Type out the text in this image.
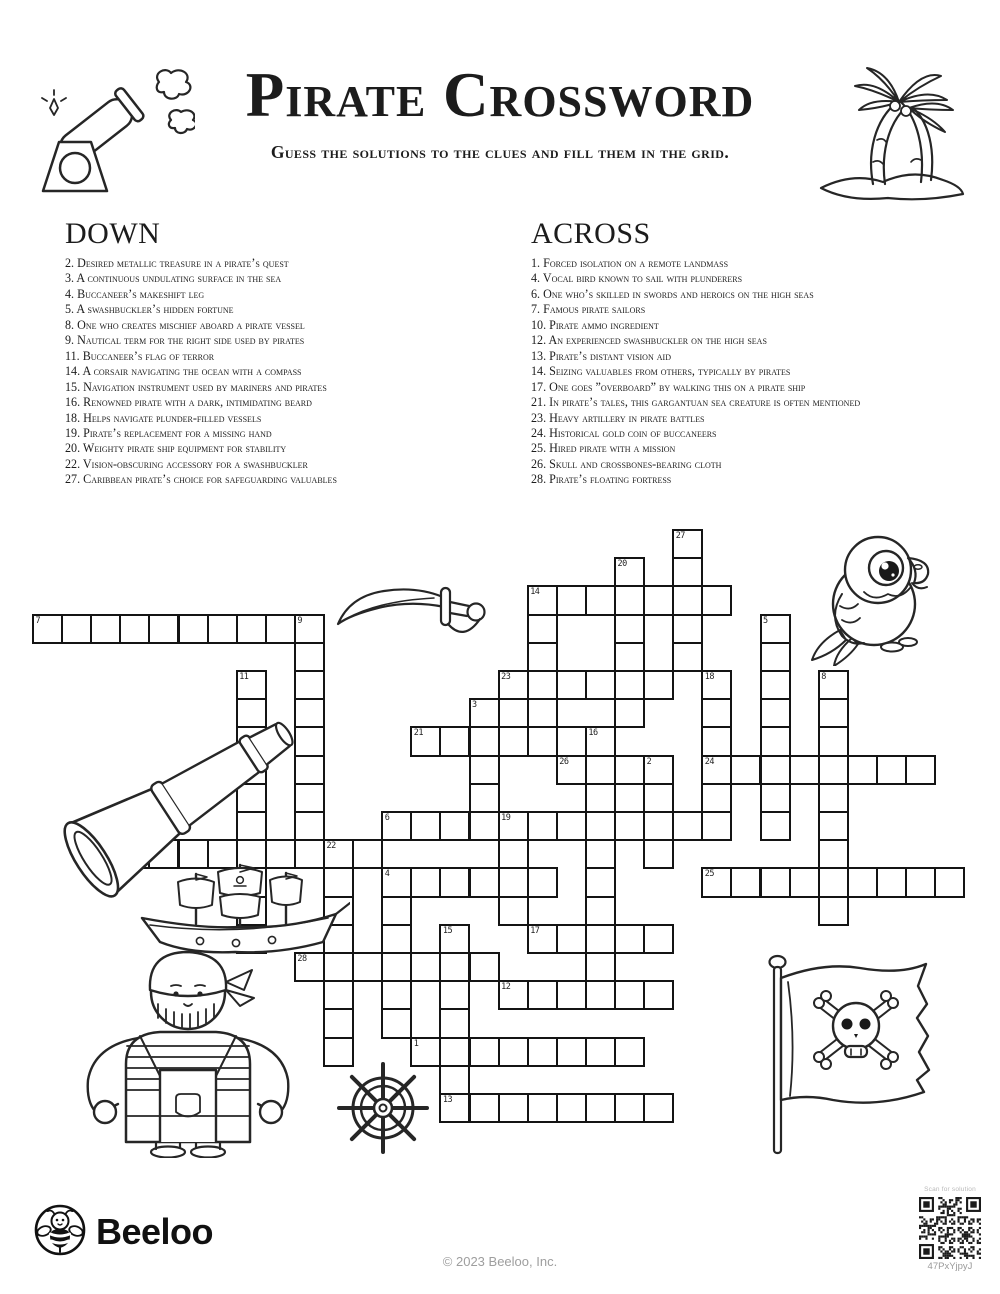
Pirate Crossword
Guess the solutions to the clues and fill them in the grid.
DOWN
2. Desired metallic treasure in a pirate’s quest
3. A continuous undulating surface in the sea
4. Buccaneer’s makeshift leg
5. A swashbuckler’s hidden fortune
8. One who creates mischief aboard a pirate vessel
9. Nautical term for the right side used by pirates
11. Buccaneer’s flag of terror
14. A corsair navigating the ocean with a compass
15. Navigation instrument used by mariners and pirates
16. Renowned pirate with a dark, intimidating beard
18. Helps navigate plunder-filled vessels
19. Pirate’s replacement for a missing hand
20. Weighty pirate ship equipment for stability
22. Vision-obscuring accessory for a swashbuckler
27. Caribbean pirate’s choice for safeguarding valuables
ACROSS
1. Forced isolation on a remote landmass
4. Vocal bird known to sail with plunderers
6. One who’s skilled in swords and heroics on the high seas
7. Famous pirate sailors
10. Pirate ammo ingredient
12. An experienced swashbuckler on the high seas
13. Pirate’s distant vision aid
14. Seizing valuables from others, typically by pirates
17. One goes ”overboard” by walking this on a pirate ship
21. In pirate’s tales, this gargantuan sea creature is often mentioned
23. Heavy artillery in pirate battles
24. Historical gold coin of buccaneers
25. Hired pirate with a mission
26. Skull and crossbones-bearing cloth
28. Pirate’s floating fortress
27
20
14
7	9	5
11	23	18
24
8
3
21	16
26	2
6	19
22
4	25
15
13
17
28
12
1
Beeloo
© 2023 Beeloo, Inc.
Scan for solution
47PxYjpyJ
